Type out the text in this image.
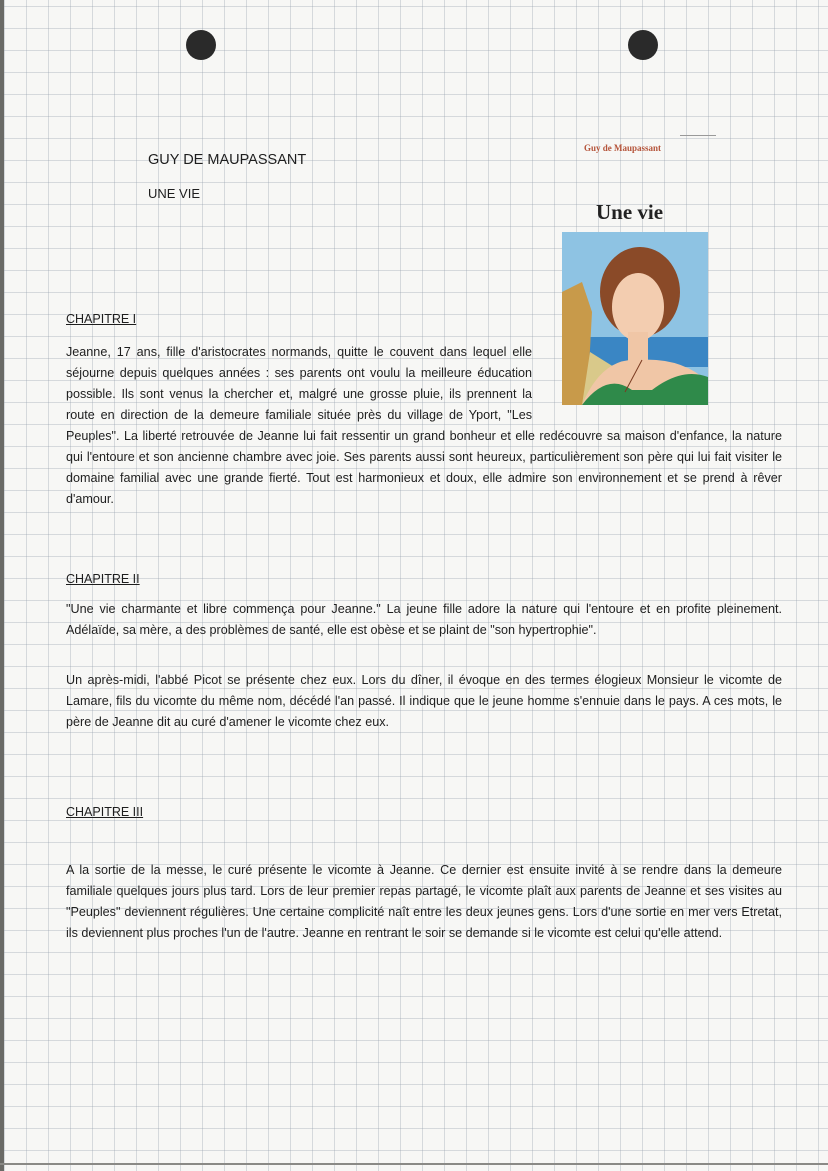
GUY DE MAUPASSANT
UNE VIE
Guy de Maupassant
Une vie
CHAPITRE I

Jeanne, 17 ans, fille d'aristocrates normands, quitte le couvent dans lequel elle séjourne depuis quelques années : ses parents ont voulu la meilleure éducation possible. Ils sont venus la chercher et, malgré une grosse pluie, ils prennent la route en direction de la demeure familiale située près du village de Yport, "Les Peuples". La liberté retrouvée de Jeanne lui fait ressentir un grand bonheur et elle redécouvre sa maison d'enfance, la nature qui l'entoure et son ancienne chambre avec joie. Ses parents aussi sont heureux, particulièrement son père qui lui fait visiter le domaine familial avec une grande fierté. Tout est harmonieux et doux, elle admire son environnement et se prend à rêver d'amour.

CHAPITRE II

"Une vie charmante et libre commença pour Jeanne." La jeune fille adore la nature qui l'entoure et en profite pleinement. Adélaïde, sa mère, a des problèmes de santé, elle est obèse et se plaint de "son hypertrophie".

Un après-midi, l'abbé Picot se présente chez eux. Lors du dîner, il évoque en des termes élogieux Monsieur le vicomte de Lamare, fils du vicomte du même nom, décédé l'an passé. Il indique que le jeune homme s'ennuie dans le pays. A ces mots, le père de Jeanne dit au curé d'amener le vicomte chez eux.

CHAPITRE III

A la sortie de la messe, le curé présente le vicomte à Jeanne. Ce dernier est ensuite invité à se rendre dans la demeure familiale quelques jours plus tard. Lors de leur premier repas partagé, le vicomte plaît aux parents de Jeanne et ses visites au "Peuples" deviennent régulières. Une certaine complicité naît entre les deux jeunes gens. Lors d'une sortie en mer vers Etretat, ils deviennent plus proches l'un de l'autre. Jeanne en rentrant le soir se demande si le vicomte est celui qu'elle attend.
